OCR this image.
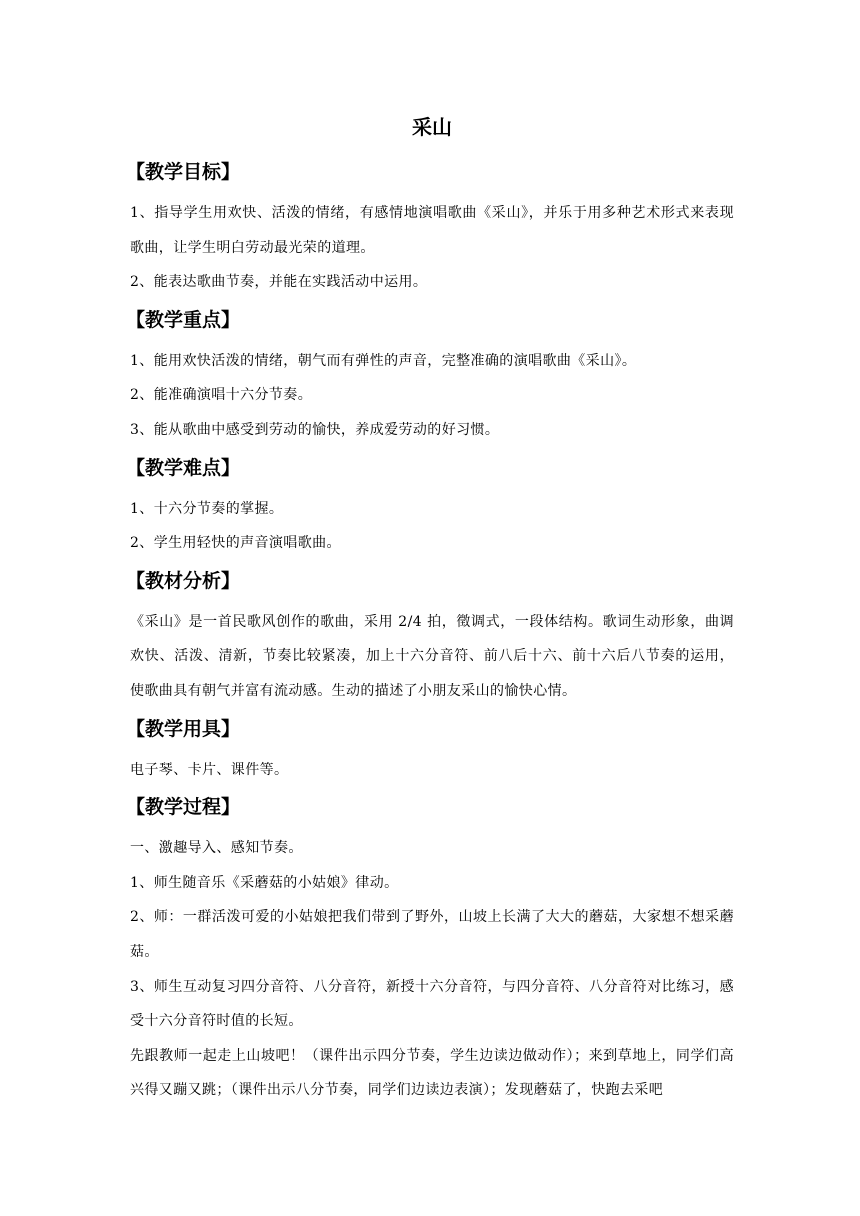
采山
【教学目标】

1、指导学生用欢快、活泼的情绪，有感情地演唱歌曲《采山》，并乐于用多种艺术形式来表现歌曲，让学生明白劳动最光荣的道理。

2、能表达歌曲节奏，并能在实践活动中运用。

【教学重点】

1、能用欢快活泼的情绪，朝气而有弹性的声音，完整准确的演唱歌曲《采山》。

2、能准确演唱十六分节奏。

3、能从歌曲中感受到劳动的愉快，养成爱劳动的好习惯。

【教学难点】

1、十六分节奏的掌握。

2、学生用轻快的声音演唱歌曲。

【教材分析】

《采山》是一首民歌风创作的歌曲，采用 2/4 拍，徵调式，一段体结构。歌词生动形象，曲调欢快、活泼、清新，节奏比较紧凑，加上十六分音符、前八后十六、前十六后八节奏的运用，使歌曲具有朝气并富有流动感。生动的描述了小朋友采山的愉快心情。

【教学用具】

电子琴、卡片、课件等。

【教学过程】

一、激趣导入、感知节奏。

1、师生随音乐《采蘑菇的小姑娘》律动。

2、师：一群活泼可爱的小姑娘把我们带到了野外，山坡上长满了大大的蘑菇，大家想不想采蘑菇。

3、师生互动复习四分音符、八分音符，新授十六分音符，与四分音符、八分音符对比练习，感受十六分音符时值的长短。

先跟教师一起走上山坡吧！（课件出示四分节奏，学生边读边做动作）；来到草地上，同学们高兴得又蹦又跳；（课件出示八分节奏，同学们边读边表演）；发现蘑菇了，快跑去采吧
